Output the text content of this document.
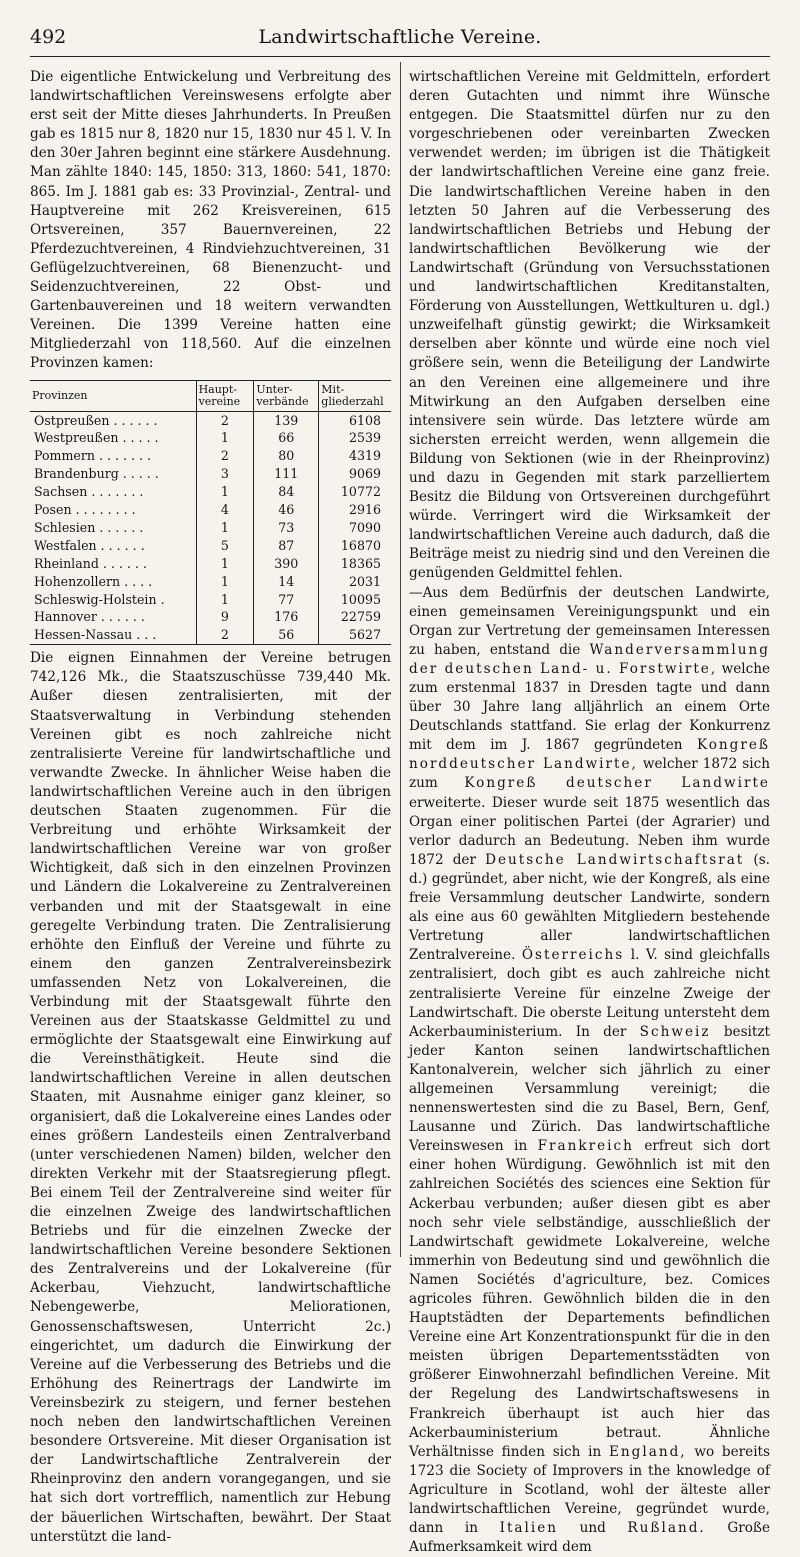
492	Landwirtschaftliche Vereine.

Die eigentliche Entwickelung und Verbreitung des landwirtschaftlichen Vereinswesens erfolgte aber erst seit der Mitte dieses Jahrhunderts. In Preußen gab es 1815 nur 8, 1820 nur 15, 1830 nur 45 l. V. In den 30er Jahren beginnt eine stärkere Ausdehnung. Man zählte 1840: 145, 1850: 313, 1860: 541, 1870: 865. Im J. 1881 gab es: 33 Provinzial-, Zentral- und Hauptvereine mit 262 Kreisvereinen, 615 Ortsvereinen, 357 Bauernvereinen, 22 Pferdezuchtvereinen, 4 Rindviehzuchtvereinen, 31 Geflügelzuchtvereinen, 68 Bienenzucht- und Seidenzuchtvereinen, 22 Obst- und Gartenbauvereinen und 18 weitern verwandten Vereinen. Die 1399 Vereine hatten eine Mitgliederzahl von 118,560. Auf die einzelnen Provinzen kamen:

Provinzen	Haupt-vereine	Unter-verbände	Mit-gliederzahl
Ostpreußen . . . . . .	2	139	6108
Westpreußen . . . . .	1	66	2539
Pommern . . . . . . .	2	80	4319
Brandenburg . . . . .	3	111	9069
Sachsen . . . . . . .	1	84	10772
Posen . . . . . . . .	4	46	2916
Schlesien . . . . . .	1	73	7090
Westfalen . . . . . .	5	87	16870
Rheinland . . . . . .	1	390	18365
Hohenzollern . . . .	1	14	2031
Schleswig-Holstein .	1	77	10095
Hannover . . . . . .	9	176	22759
Hessen-Nassau . . .	2	56	5627

Die eignen Einnahmen der Vereine betrugen 742,126 Mk., die Staatszuschüsse 739,440 Mk. Außer diesen zentralisierten, mit der Staatsverwaltung in Verbindung stehenden Vereinen gibt es noch zahlreiche nicht zentralisierte Vereine für landwirtschaftliche und verwandte Zwecke. In ähnlicher Weise haben die landwirtschaftlichen Vereine auch in den übrigen deutschen Staaten zugenommen. Für die Verbreitung und erhöhte Wirksamkeit der landwirtschaftlichen Vereine war von großer Wichtigkeit, daß sich in den einzelnen Provinzen und Ländern die Lokalvereine zu Zentralvereinen verbanden und mit der Staatsgewalt in eine geregelte Verbindung traten. Die Zentralisierung erhöhte den Einfluß der Vereine und führte zu einem den ganzen Zentralvereinsbezirk umfassenden Netz von Lokalvereinen, die Verbindung mit der Staatsgewalt führte den Vereinen aus der Staatskasse Geldmittel zu und ermöglichte der Staatsgewalt eine Einwirkung auf die Vereinsthätigkeit. Heute sind die landwirtschaftlichen Vereine in allen deutschen Staaten, mit Ausnahme einiger ganz kleiner, so organisiert, daß die Lokalvereine eines Landes oder eines größern Landesteils einen Zentralverband (unter verschiedenen Namen) bilden, welcher den direkten Verkehr mit der Staatsregierung pflegt. Bei einem Teil der Zentralvereine sind weiter für die einzelnen Zweige des landwirtschaftlichen Betriebs und für die einzelnen Zwecke der landwirtschaftlichen Vereine besondere Sektionen des Zentralvereins und der Lokalvereine (für Ackerbau, Viehzucht, landwirtschaftliche Nebengewerbe, Meliorationen, Genossenschaftswesen, Unterricht 2c.) eingerichtet, um dadurch die Einwirkung der Vereine auf die Verbesserung des Betriebs und die Erhöhung des Reinertrags der Landwirte im Vereinsbezirk zu steigern, und ferner bestehen noch neben den landwirtschaftlichen Vereinen besondere Ortsvereine. Mit dieser Organisation ist der Landwirtschaftliche Zentralverein der Rheinprovinz den andern vorangegangen, und sie hat sich dort vortrefflich, namentlich zur Hebung der bäuerlichen Wirtschaften, bewährt. Der Staat unterstützt die land-

wirtschaftlichen Vereine mit Geldmitteln, erfordert deren Gutachten und nimmt ihre Wünsche entgegen. Die Staatsmittel dürfen nur zu den vorgeschriebenen oder vereinbarten Zwecken verwendet werden; im übrigen ist die Thätigkeit der landwirtschaftlichen Vereine eine ganz freie. Die landwirtschaftlichen Vereine haben in den letzten 50 Jahren auf die Verbesserung des landwirtschaftlichen Betriebs und Hebung der landwirtschaftlichen Bevölkerung wie der Landwirtschaft (Gründung von Versuchsstationen und landwirtschaftlichen Kreditanstalten, Förderung von Ausstellungen, Wettkulturen u. dgl.) unzweifelhaft günstig gewirkt; die Wirksamkeit derselben aber könnte und würde eine noch viel größere sein, wenn die Beteiligung der Landwirte an den Vereinen eine allgemeinere und ihre Mitwirkung an den Aufgaben derselben eine intensivere sein würde. Das letztere würde am sichersten erreicht werden, wenn allgemein die Bildung von Sektionen (wie in der Rheinprovinz) und dazu in Gegenden mit stark parzelliertem Besitz die Bildung von Ortsvereinen durchgeführt würde. Verringert wird die Wirksamkeit der landwirtschaftlichen Vereine auch dadurch, daß die Beiträge meist zu niedrig sind und den Vereinen die genügenden Geldmittel fehlen.

—Aus dem Bedürfnis der deutschen Landwirte, einen gemeinsamen Vereinigungspunkt und ein Organ zur Vertretung der gemeinsamen Interessen zu haben, entstand die Wanderversammlung der deutschen Land- u. Forstwirte, welche zum erstenmal 1837 in Dresden tagte und dann über 30 Jahre lang alljährlich an einem Orte Deutschlands stattfand. Sie erlag der Konkurrenz mit dem im J. 1867 gegründeten Kongreß norddeutscher Landwirte, welcher 1872 sich zum Kongreß deutscher Landwirte erweiterte. Dieser wurde seit 1875 wesentlich das Organ einer politischen Partei (der Agrarier) und verlor dadurch an Bedeutung. Neben ihm wurde 1872 der Deutsche Landwirtschaftsrat (s. d.) gegründet, aber nicht, wie der Kongreß, als eine freie Versammlung deutscher Landwirte, sondern als eine aus 60 gewählten Mitgliedern bestehende Vertretung aller landwirtschaftlichen Zentralvereine. Österreichs l. V. sind gleichfalls zentralisiert, doch gibt es auch zahlreiche nicht zentralisierte Vereine für einzelne Zweige der Landwirtschaft. Die oberste Leitung untersteht dem Ackerbauministerium. In der Schweiz besitzt jeder Kanton seinen landwirtschaftlichen Kantonalverein, welcher sich jährlich zu einer allgemeinen Versammlung vereinigt; die nennenswertesten sind die zu Basel, Bern, Genf, Lausanne und Zürich. Das landwirtschaftliche Vereinswesen in Frankreich erfreut sich dort einer hohen Würdigung. Gewöhnlich ist mit den zahlreichen Sociétés des sciences eine Sektion für Ackerbau verbunden; außer diesen gibt es aber noch sehr viele selbständige, ausschließlich der Landwirtschaft gewidmete Lokalvereine, welche immerhin von Bedeutung sind und gewöhnlich die Namen Sociétés d'agriculture, bez. Comices agricoles führen. Gewöhnlich bilden die in den Hauptstädten der Departements befindlichen Vereine eine Art Konzentrationspunkt für die in den meisten übrigen Departementsstädten von größerer Einwohnerzahl befindlichen Vereine. Mit der Regelung des Landwirtschaftswesens in Frankreich überhaupt ist auch hier das Ackerbauministerium betraut. Ähnliche Verhältnisse finden sich in England, wo bereits 1723 die Society of Improvers in the knowledge of Agriculture in Scotland, wohl der älteste aller landwirtschaftlichen Vereine, gegründet wurde, dann in Italien und Rußland. Große Aufmerksamkeit wird dem
